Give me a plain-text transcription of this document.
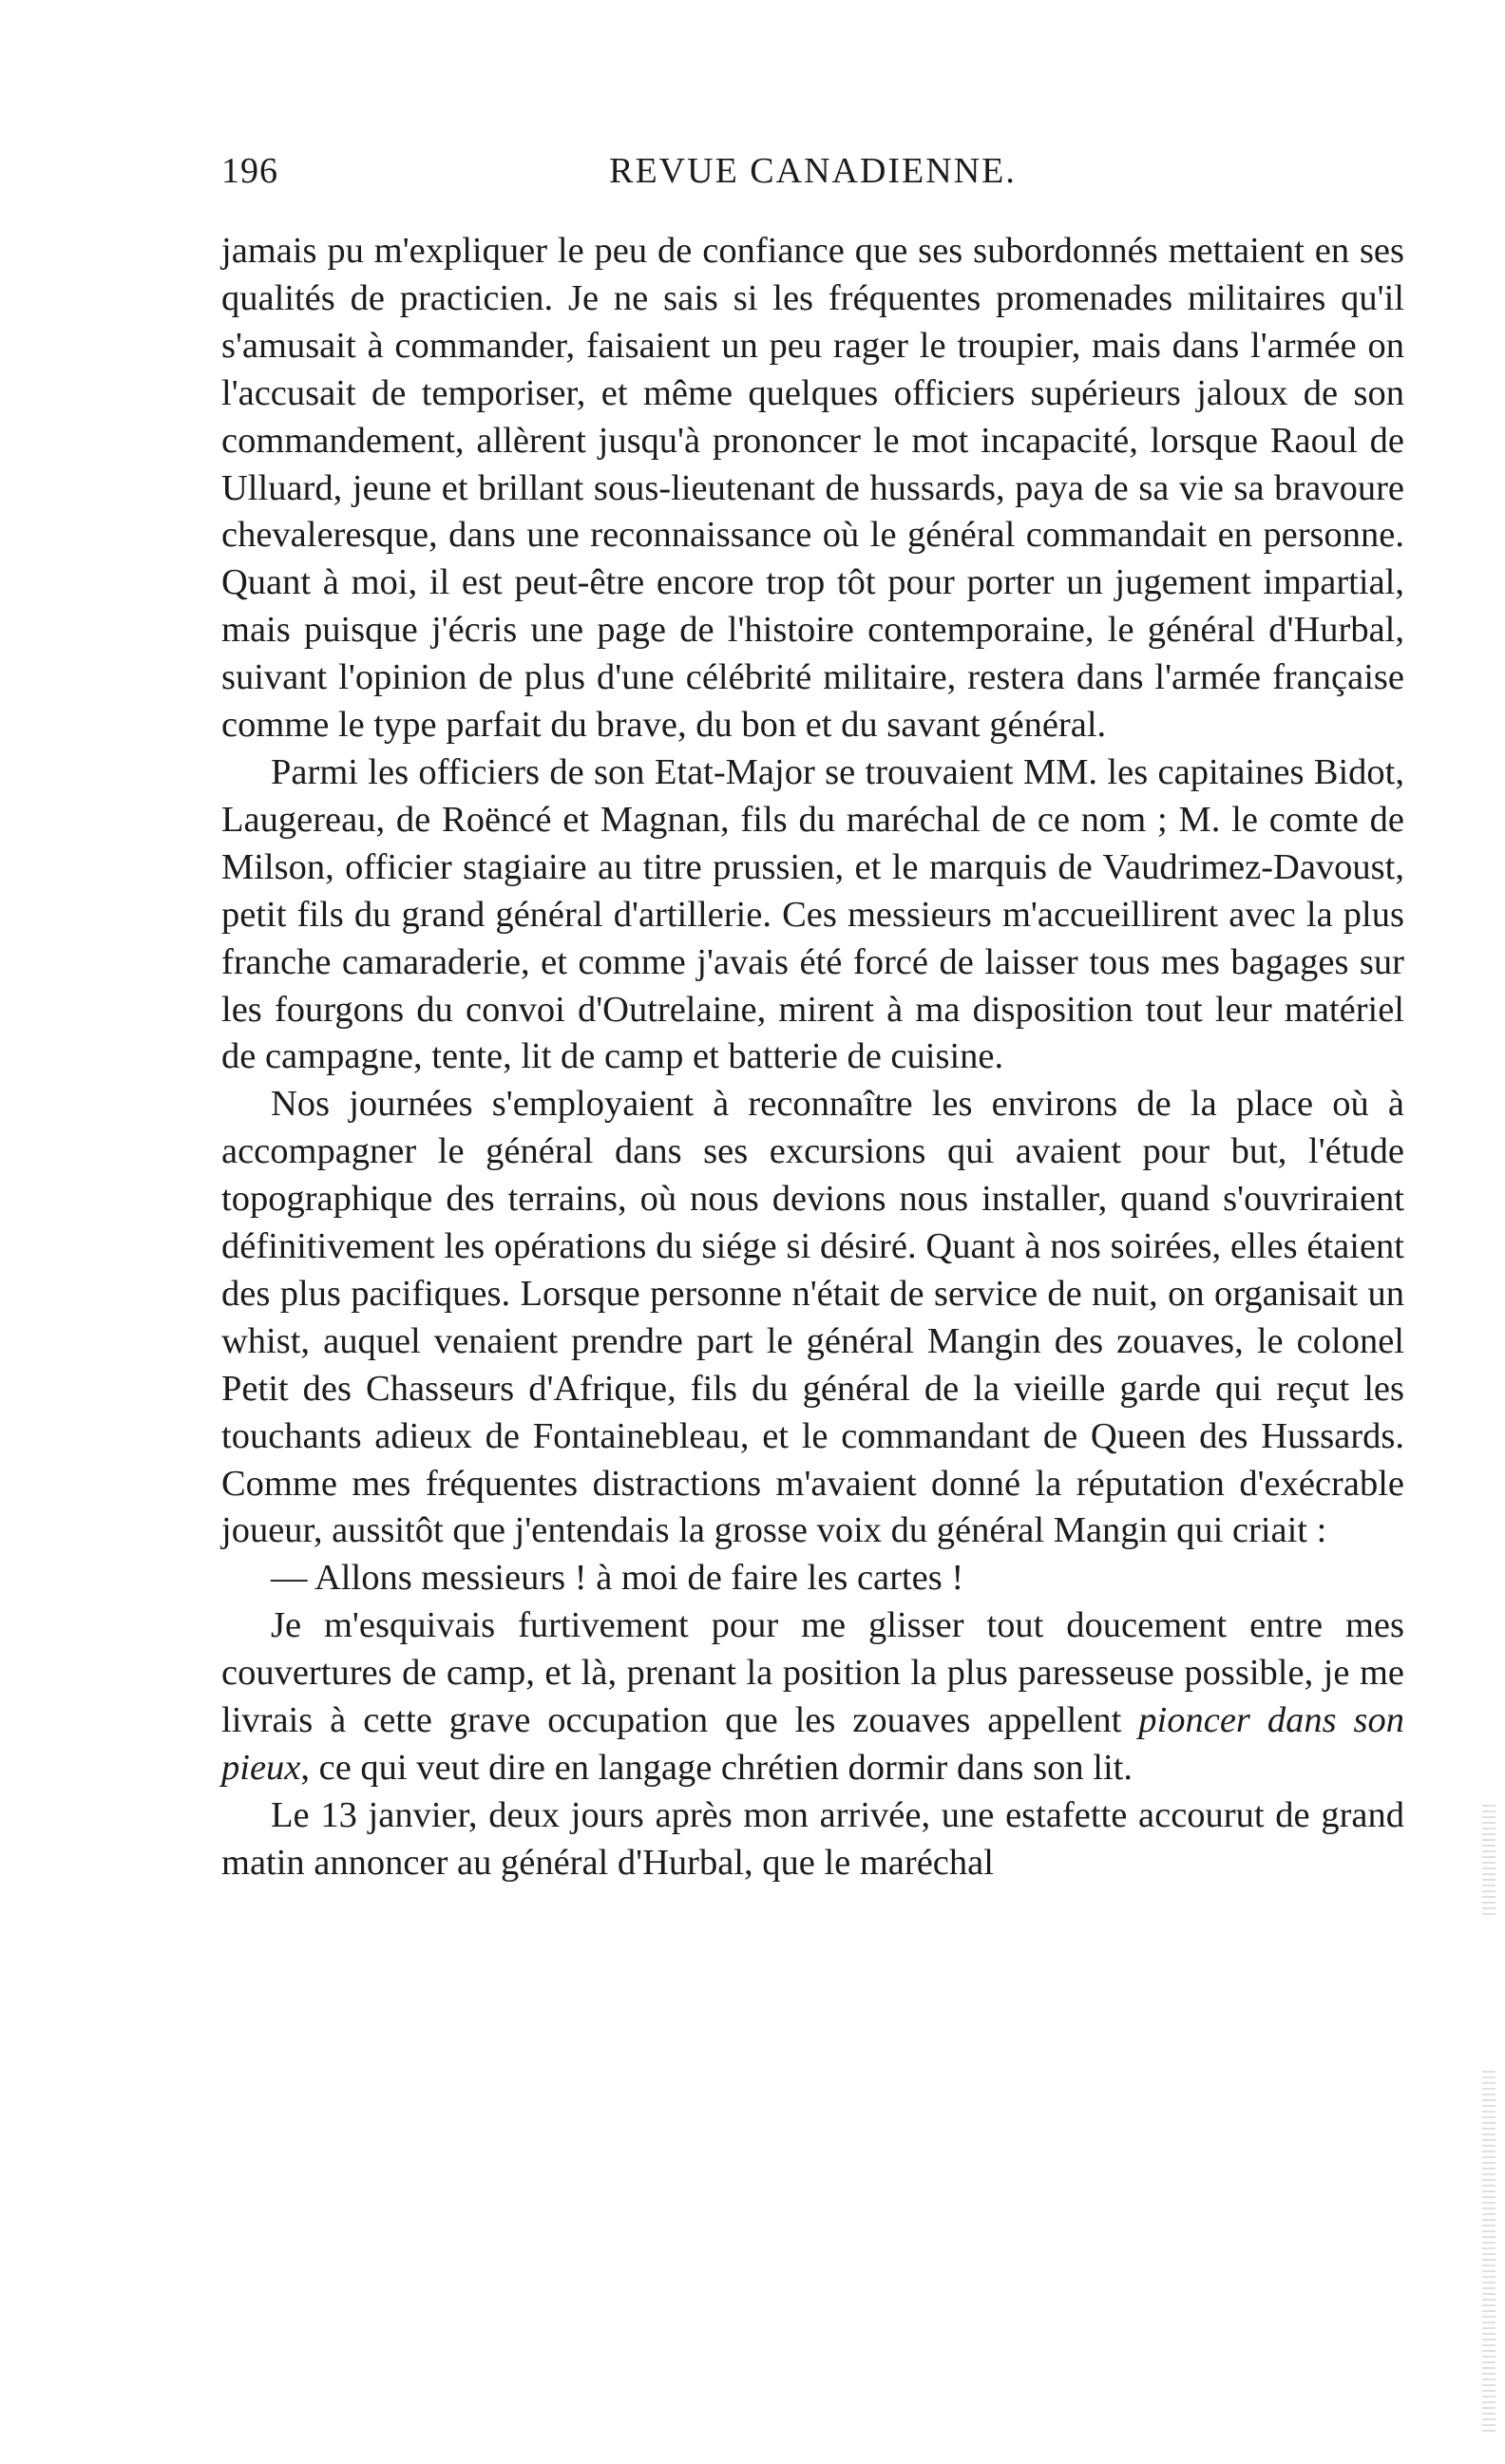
196	REVUE CANADIENNE.

jamais pu m'expliquer le peu de confiance que ses subordonnés mettaient en ses qualités de practicien. Je ne sais si les fréquentes promenades militaires qu'il s'amusait à commander, faisaient un peu rager le troupier, mais dans l'armée on l'accusait de temporiser, et même quelques officiers supérieurs jaloux de son commandement, allèrent jusqu'à prononcer le mot incapacité, lorsque Raoul de Ulluard, jeune et brillant sous-lieutenant de hussards, paya de sa vie sa bravoure chevaleresque, dans une reconnaissance où le général commandait en personne. Quant à moi, il est peut-être encore trop tôt pour porter un jugement impartial, mais puisque j'écris une page de l'histoire contemporaine, le général d'Hurbal, suivant l'opinion de plus d'une célébrité militaire, restera dans l'armée française comme le type parfait du brave, du bon et du savant général.

Parmi les officiers de son Etat-Major se trouvaient MM. les capitaines Bidot, Laugereau, de Roëncé et Magnan, fils du maréchal de ce nom ; M. le comte de Milson, officier stagiaire au titre prussien, et le marquis de Vaudrimez-Davoust, petit fils du grand général d'artillerie. Ces messieurs m'accueillirent avec la plus franche camaraderie, et comme j'avais été forcé de laisser tous mes bagages sur les fourgons du convoi d'Outrelaine, mirent à ma disposition tout leur matériel de campagne, tente, lit de camp et batterie de cuisine.

Nos journées s'employaient à reconnaître les environs de la place où à accompagner le général dans ses excursions qui avaient pour but, l'étude topographique des terrains, où nous devions nous installer, quand s'ouvriraient définitivement les opérations du siége si désiré. Quant à nos soirées, elles étaient des plus pacifiques. Lorsque personne n'était de service de nuit, on organisait un whist, auquel venaient prendre part le général Mangin des zouaves, le colonel Petit des Chasseurs d'Afrique, fils du général de la vieille garde qui reçut les touchants adieux de Fontainebleau, et le commandant de Queen des Hussards. Comme mes fréquentes distractions m'avaient donné la réputation d'exécrable joueur, aussitôt que j'entendais la grosse voix du général Mangin qui criait :

— Allons messieurs ! à moi de faire les cartes !

Je m'esquivais furtivement pour me glisser tout doucement entre mes couvertures de camp, et là, prenant la position la plus paresseuse possible, je me livrais à cette grave occupation que les zouaves appellent pioncer dans son pieux, ce qui veut dire en langage chrétien dormir dans son lit.

Le 13 janvier, deux jours après mon arrivée, une estafette accourut de grand matin annoncer au général d'Hurbal, que le maréchal
